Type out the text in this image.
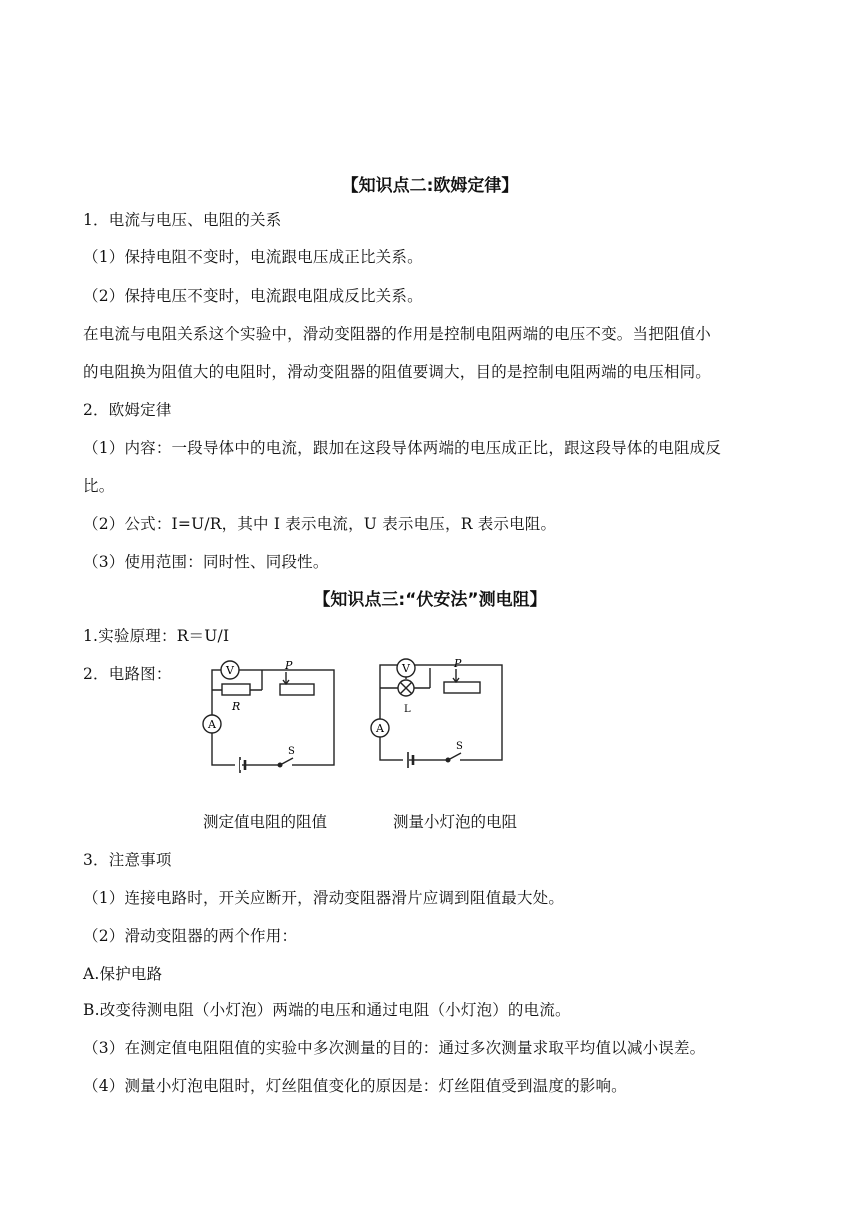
【知识点二:欧姆定律】
1．电流与电压、电阻的关系
（1）保持电阻不变时，电流跟电压成正比关系。
（2）保持电压不变时，电流跟电阻成反比关系。
在电流与电阻关系这个实验中，滑动变阻器的作用是控制电阻两端的电压不变。当把阻值小
的电阻换为阻值大的电阻时，滑动变阻器的阻值要调大，目的是控制电阻两端的电压相同。
2．欧姆定律
（1）内容：一段导体中的电流，跟加在这段导体两端的电压成正比，跟这段导体的电阻成反
比。
（2）公式：I=U/R，其中 I 表示电流，U 表示电压，R 表示电阻。
（3）使用范围：同时性、同段性。
【知识点三:“伏安法”测电阻】
1.实验原理：R＝U/I
2．电路图：	V
A
P
R
S
V
A
P
L
S
测定值电阻的阻值	测量小灯泡的电阻
3．注意事项
（1）连接电路时，开关应断开，滑动变阻器滑片应调到阻值最大处。
（2）滑动变阻器的两个作用：
A.保护电路
B.改变待测电阻（小灯泡）两端的电压和通过电阻（小灯泡）的电流。
（3）在测定值电阻阻值的实验中多次测量的目的：通过多次测量求取平均值以减小误差。
（4）测量小灯泡电阻时，灯丝阻值变化的原因是：灯丝阻值受到温度的影响。
